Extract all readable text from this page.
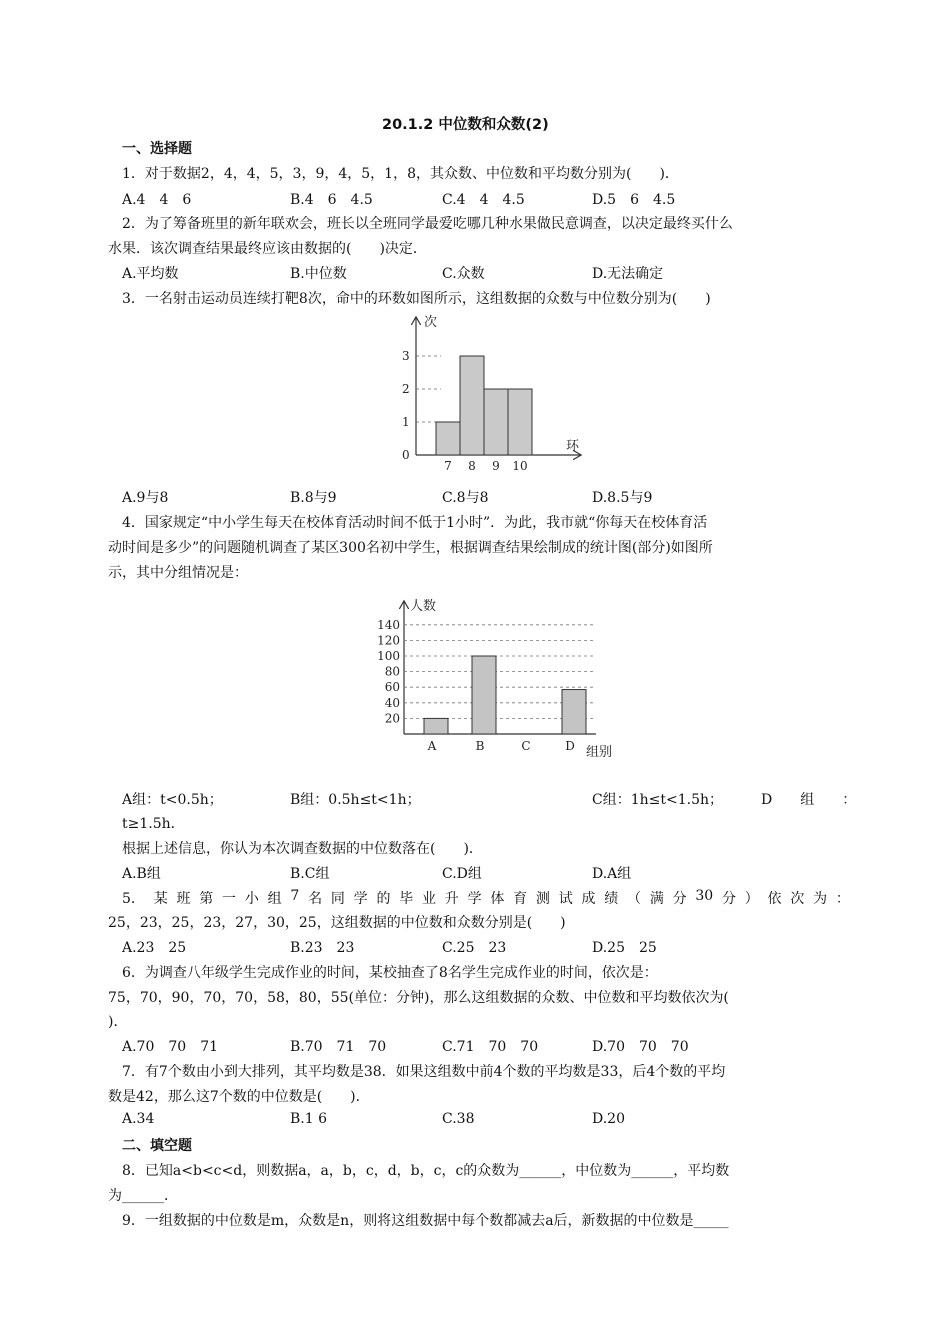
20.1.2 中位数和众数(2)
一、选择题
1．对于数据2，4，4，5，3，9，4，5，1，8，其众数、中位数和平均数分别为(　　)．
A.4　4　6	B.4　6　4.5	C.4　4　4.5	D.5　6　4.5
2．为了筹备班里的新年联欢会，班长以全班同学最爱吃哪几种水果做民意调查，以决定最终买什么
水果．该次调查结果最终应该由数据的(　　)决定．
A.平均数	B.中位数	C.众数	D.无法确定
3．一名射击运动员连续打靶8次，命中的环数如图所示，这组数据的众数与中位数分别为(　　)
次
环
0
1
2
3
7 8 9 10
A.9与8	B.8与9	C.8与8	D.8.5与9
4．国家规定“中小学生每天在校体育活动时间不低于1小时”．为此，我市就“你每天在校体育活
动时间是多少”的问题随机调查了某区300名初中学生，根据调查结果绘制成的统计图(部分)如图所
示，其中分组情况是：
人数
组别
20
40
60
80
100
120
140
A	B	C	D
A组：t<0.5h；	B组：0.5h≤t<1h；	C组：1h≤t<1.5h；	D　　组　　：
t≥1.5h．
根据上述信息，你认为本次调查数据的中位数落在(　　)．
A.B组	B.C组	C.D组	D.A组
5． 某 班 第 一 小 组 7 名 同 学 的 毕 业 升 学 体 育 测 试 成 绩 （ 满 分 30 分 ） 依 次 为 ：
25，23，25，23，27，30，25，这组数据的中位数和众数分别是(　　)
A.23　25	B.23　23	C.25　23	D.25　25
6．为调查八年级学生完成作业的时间，某校抽查了8名学生完成作业的时间，依次是：
75，70，90，70，70，58，80，55(单位：分钟)，那么这组数据的众数、中位数和平均数依次为(
)．
A.70　70　71	B.70　71　70	C.71　70　70	D.70　70　70
7．有7个数由小到大排列，其平均数是38．如果这组数中前4个数的平均数是33，后4个数的平均
数是42，那么这7个数的中位数是(　　)．
A.34	B.1 6	C.38	D.20
二、填空题
8．已知a<b<c<d，则数据a，a，b，c，d，b，c，c的众数为______，中位数为______，平均数
为______．
9．一组数据的中位数是m，众数是n，则将这组数据中每个数都减去a后，新数据的中位数是_____
